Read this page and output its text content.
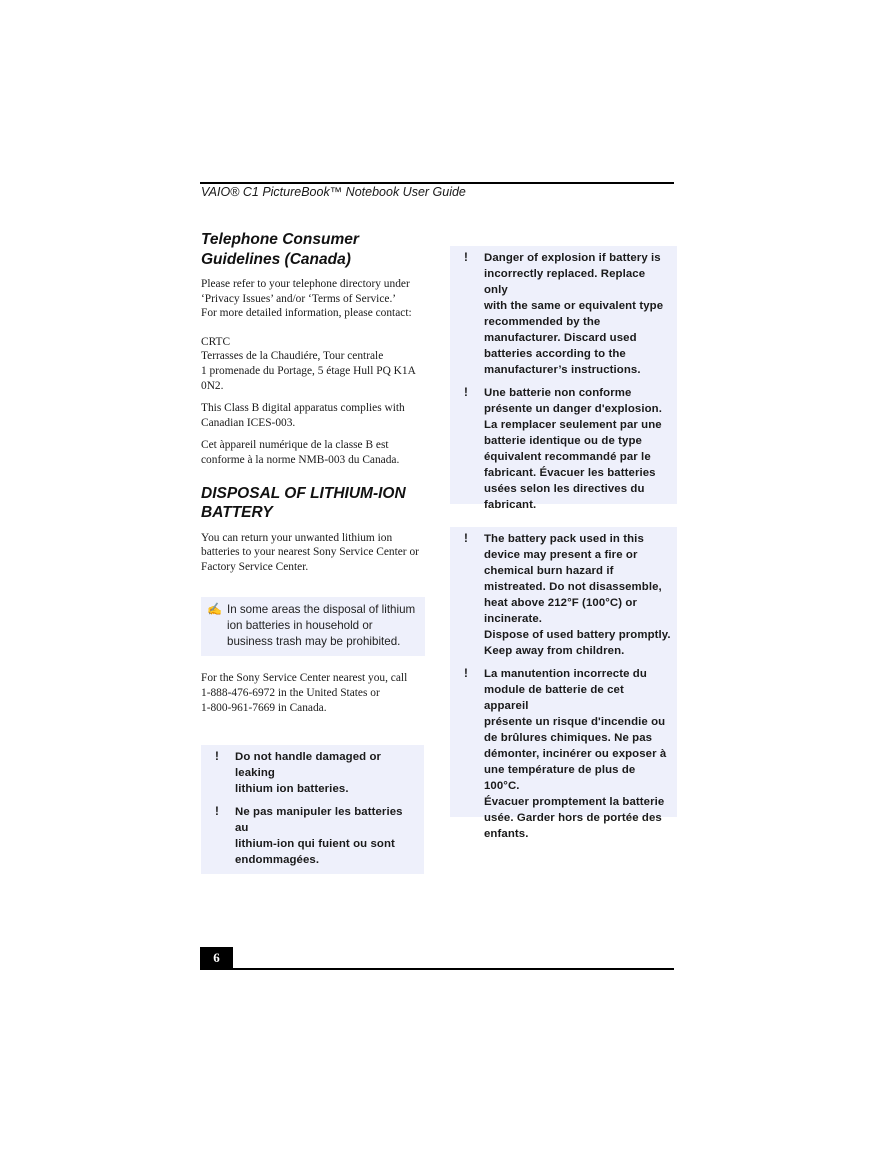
VAIO® C1 PictureBook™ Notebook User Guide
Telephone Consumer
Guidelines (Canada)

Please refer to your telephone directory under
‘Privacy Issues’ and/or ‘Terms of Service.’
For more detailed information, please contact:

CRTC
Terrasses de la Chaudiére, Tour centrale
1 promenade du Portage, 5 étage Hull PQ K1A
0N2.

This Class B digital apparatus complies with
Canadian ICES-003.

Cet àppareil numérique de la classe B est
conforme à la norme NMB-003 du Canada.

DISPOSAL OF LITHIUM-ION
BATTERY

You can return your unwanted lithium ion
batteries to your nearest Sony Service Center or
Factory Service Center.

✍ In some areas the disposal of lithium
ion batteries in household or
business trash may be prohibited.

For the Sony Service Center nearest you, call
1-888-476-6972 in the United States or
1-800-961-7669 in Canada.

!	Do not handle damaged or leaking
lithium ion batteries.
!	Ne pas manipuler les batteries au
lithium-ion qui fuient ou sont
endommagées.
!	Danger of explosion if battery is
incorrectly replaced. Replace only
with the same or equivalent type
recommended by the
manufacturer. Discard used
batteries according to the
manufacturer’s instructions.
!	Une batterie non conforme
présente un danger d'explosion.
La remplacer seulement par une
batterie identique ou de type
équivalent recommandé par le
fabricant. Évacuer les batteries
usées selon les directives du
fabricant.
!	The battery pack used in this
device may present a fire or
chemical burn hazard if
mistreated. Do not disassemble,
heat above 212°F (100°C) or
incinerate.
Dispose of used battery promptly.
Keep away from children.
!	La manutention incorrecte du
module de batterie de cet appareil
présente un risque d'incendie ou
de brûlures chimiques. Ne pas
démonter, incinérer ou exposer à
une température de plus de 100°C.
Évacuer promptement la batterie
usée. Garder hors de portée des
enfants.
6
